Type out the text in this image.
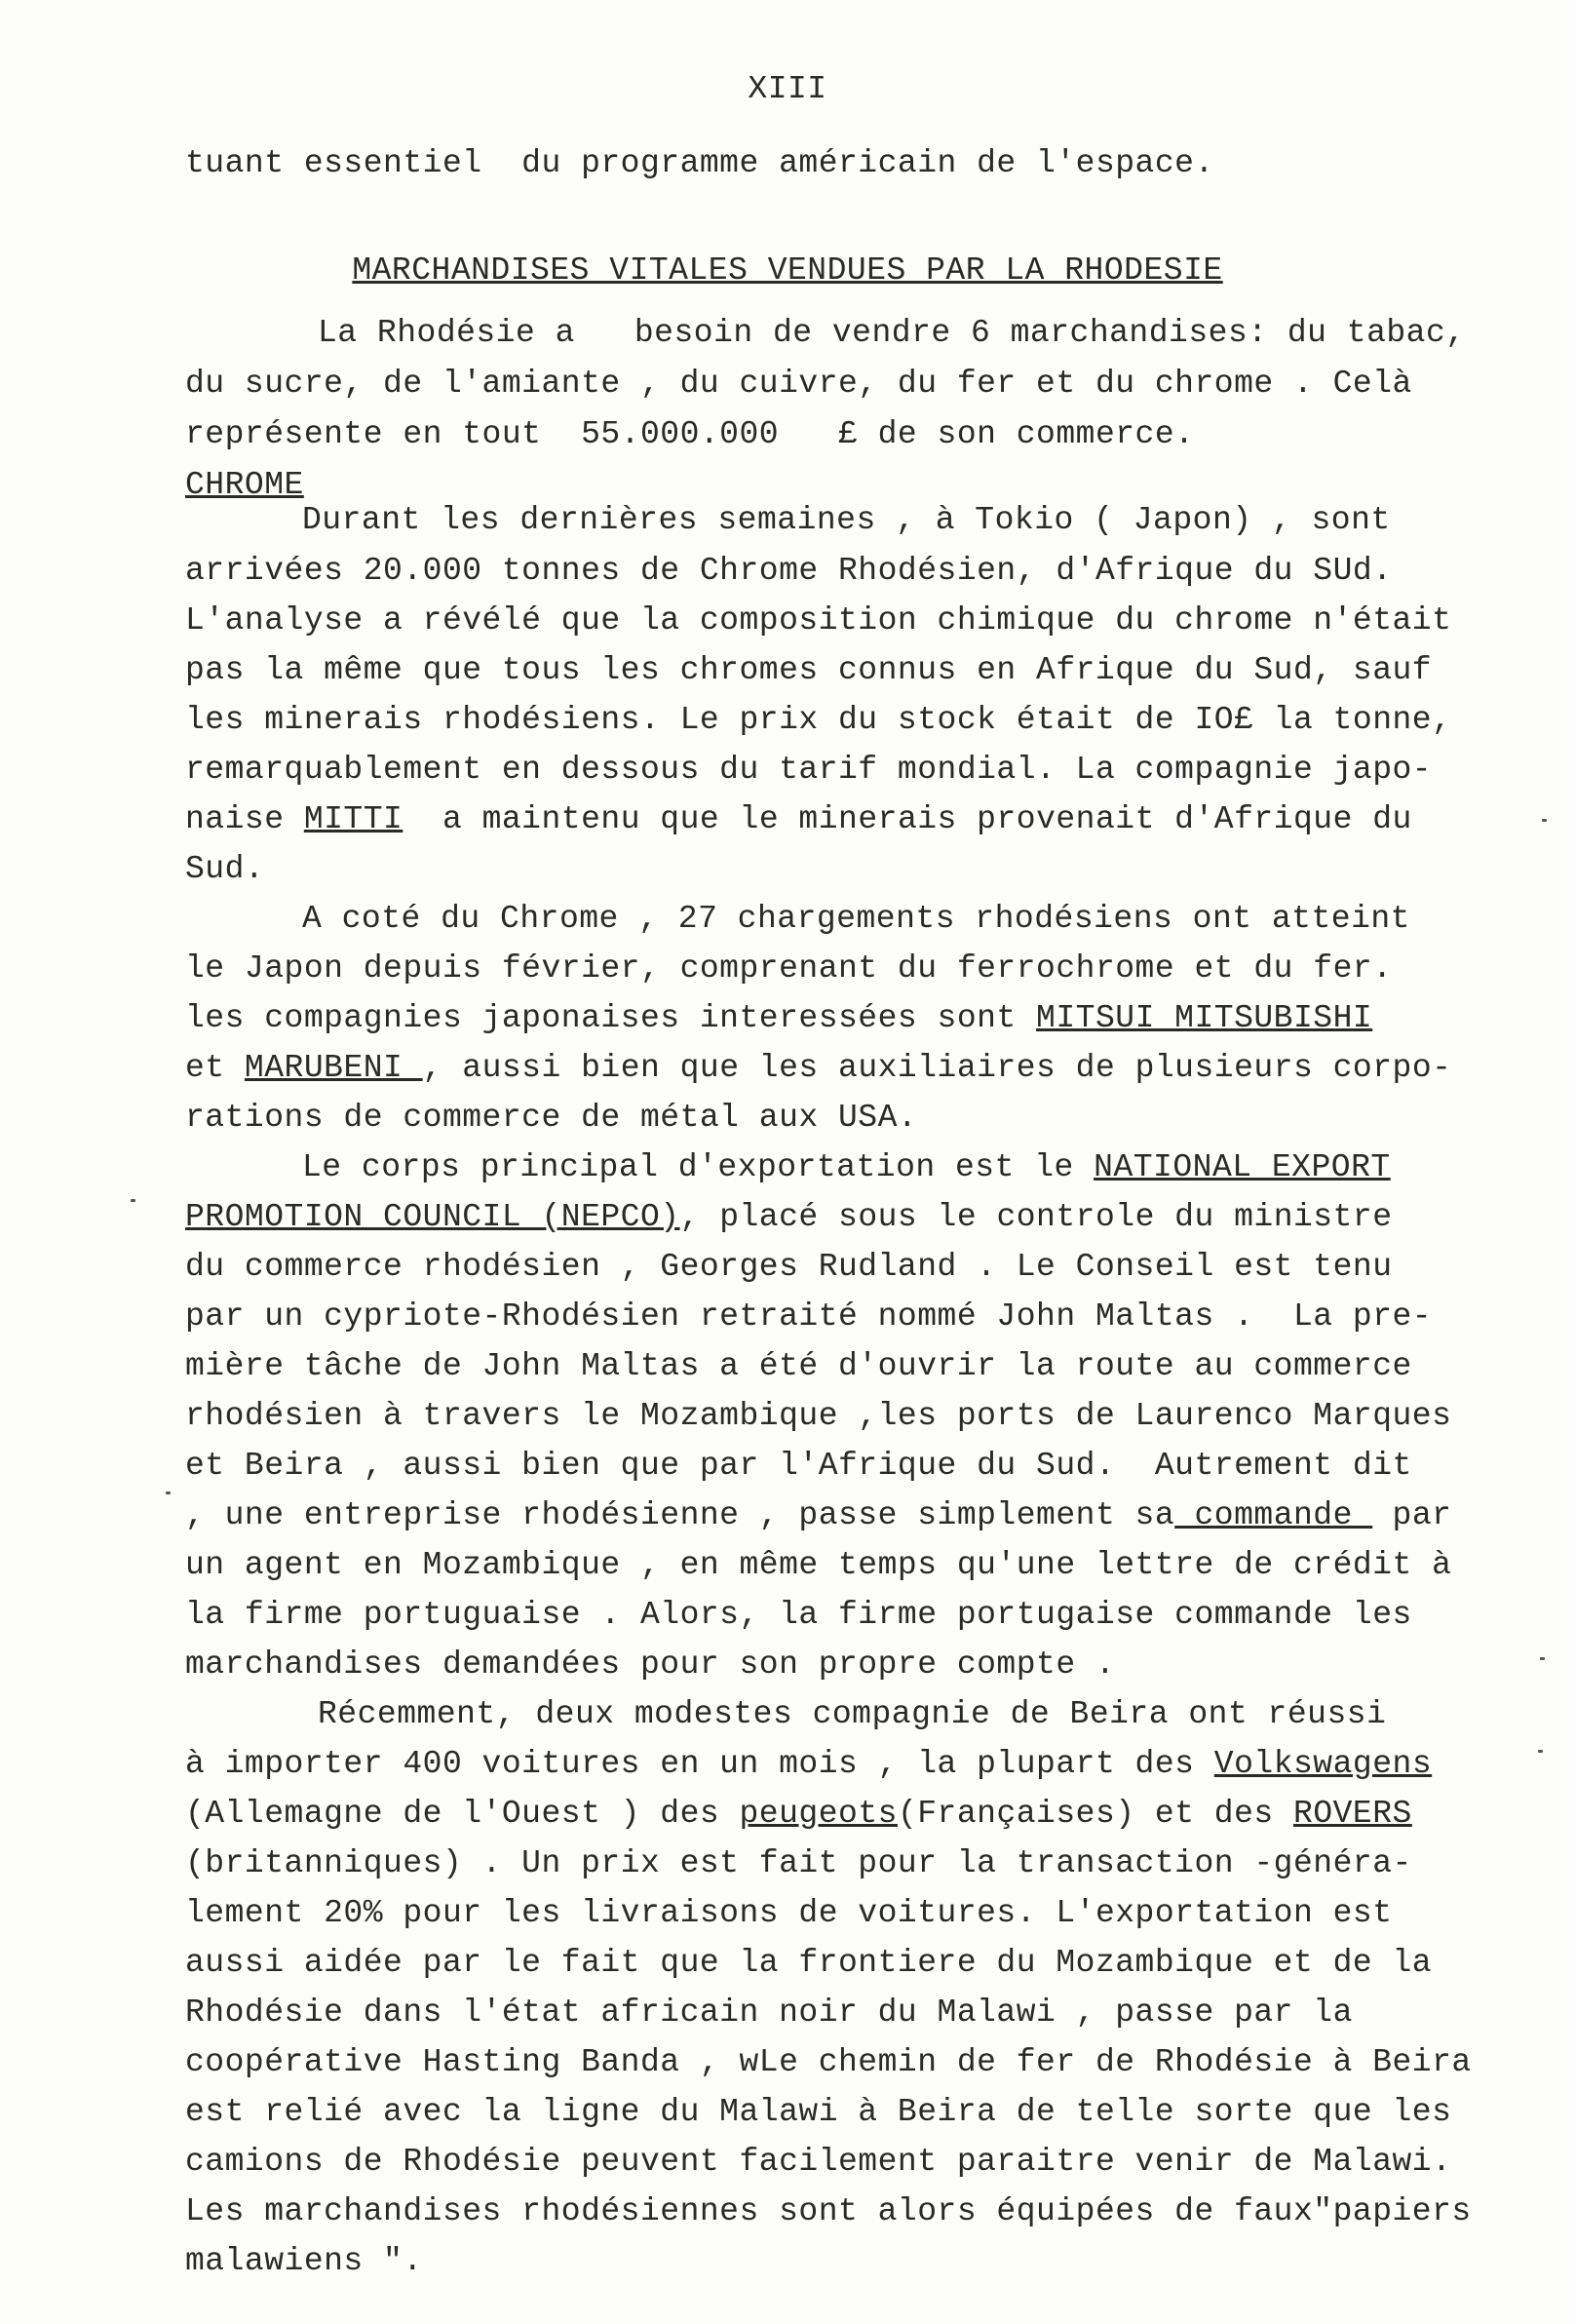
XIII
tuant essentiel  du programme américain de l'espace.
MARCHANDISES VITALES VENDUES PAR LA RHODESIE
La Rhodésie a   besoin de vendre 6 marchandises: du tabac,
du sucre, de l'amiante , du cuivre, du fer et du chrome . Celà
représente en tout  55.000.000   £ de son commerce.
CHROME
Durant les dernières semaines , à Tokio ( Japon) , sont
arrivées 20.000 tonnes de Chrome Rhodésien, d'Afrique du SUd.
L'analyse a révélé que la composition chimique du chrome n'était
pas la même que tous les chromes connus en Afrique du Sud, sauf
les minerais rhodésiens. Le prix du stock était de IO£ la tonne,
remarquablement en dessous du tarif mondial. La compagnie japo-
naise MITTI  a maintenu que le minerais provenait d'Afrique du
Sud.
A coté du Chrome , 27 chargements rhodésiens ont atteint
le Japon depuis février, comprenant du ferrochrome et du fer.
les compagnies japonaises interessées sont MITSUI MITSUBISHI
et MARUBENI , aussi bien que les auxiliaires de plusieurs corpo-
rations de commerce de métal aux USA.
Le corps principal d'exportation est le NATIONAL EXPORT
PROMOTION COUNCIL (NEPCO), placé sous le controle du ministre
du commerce rhodésien , Georges Rudland . Le Conseil est tenu
par un cypriote-Rhodésien retraité nommé John Maltas .  La pre-
mière tâche de John Maltas a été d'ouvrir la route au commerce
rhodésien à travers le Mozambique ,les ports de Laurenco Marques
et Beira , aussi bien que par l'Afrique du Sud.  Autrement dit
, une entreprise rhodésienne , passe simplement sa commande  par
un agent en Mozambique , en même temps qu'une lettre de crédit à
la firme portuguaise . Alors, la firme portugaise commande les
marchandises demandées pour son propre compte .
Récemment, deux modestes compagnie de Beira ont réussi
à importer 400 voitures en un mois , la plupart des Volkswagens
(Allemagne de l'Ouest ) des peugeots(Françaises) et des ROVERS
(britanniques) . Un prix est fait pour la transaction -généra-
lement 20% pour les livraisons de voitures. L'exportation est
aussi aidée par le fait que la frontiere du Mozambique et de la
Rhodésie dans l'état africain noir du Malawi , passe par la
coopérative Hasting Banda , wLe chemin de fer de Rhodésie à Beira
est relié avec la ligne du Malawi à Beira de telle sorte que les
camions de Rhodésie peuvent facilement paraitre venir de Malawi.
Les marchandises rhodésiennes sont alors équipées de faux"papiers
malawiens ".
